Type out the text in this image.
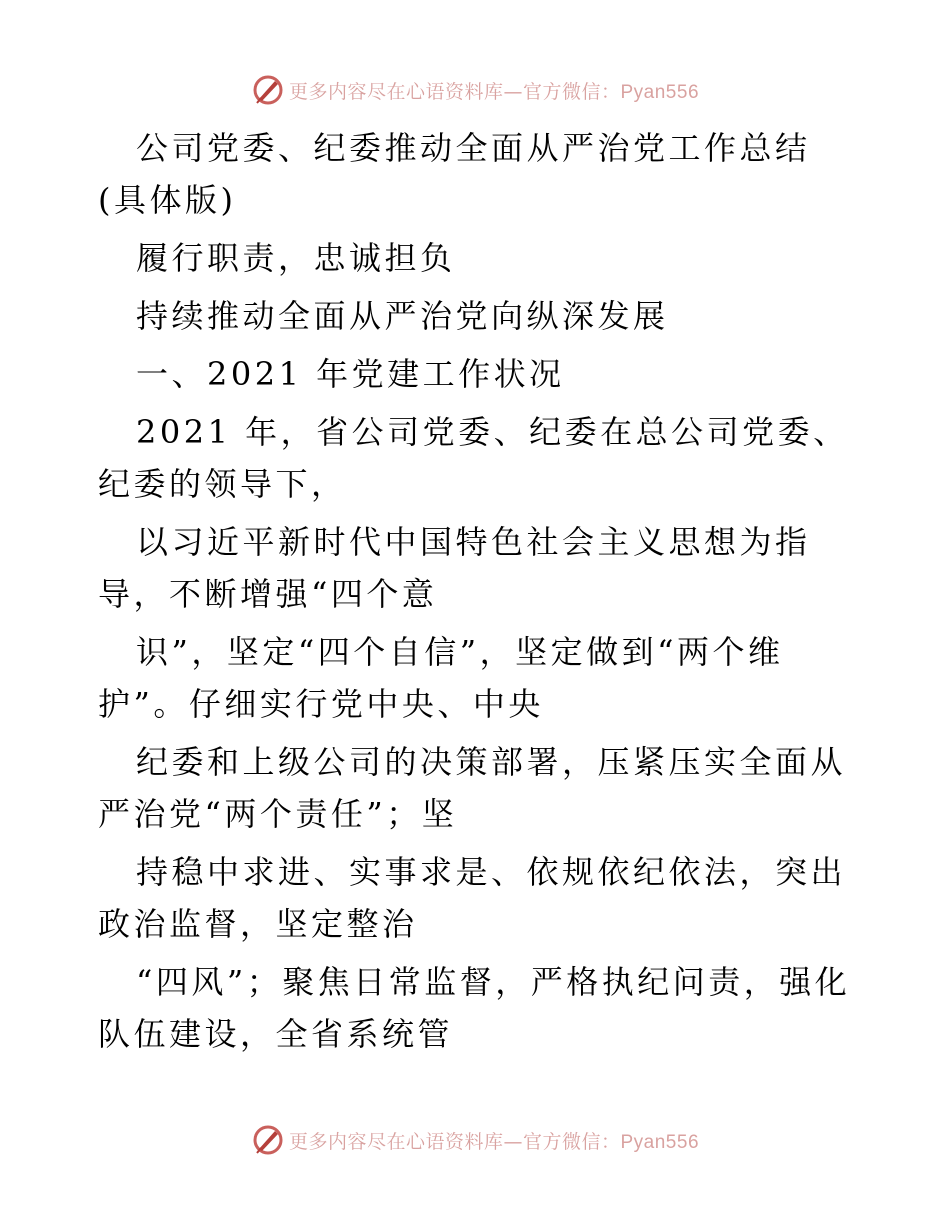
更多内容尽在心语资料库—官方微信：Pyan556

公司党委、纪委推动全面从严治党工作总结(具体版)

履行职责，忠诚担负

持续推动全面从严治党向纵深发展

一、2021 年党建工作状况

2021 年，省公司党委、纪委在总公司党委、纪委的领导下，

以习近平新时代中国特色社会主义思想为指导，不断增强“四个意

识”，坚定“四个自信”，坚定做到“两个维护”。仔细实行党中央、中央

纪委和上级公司的决策部署，压紧压实全面从严治党“两个责任”；坚

持稳中求进、实事求是、依规依纪依法，突出政治监督，坚定整治

“四风”；聚焦日常监督，严格执纪问责，强化队伍建设，全省系统管

更多内容尽在心语资料库—官方微信：Pyan556
